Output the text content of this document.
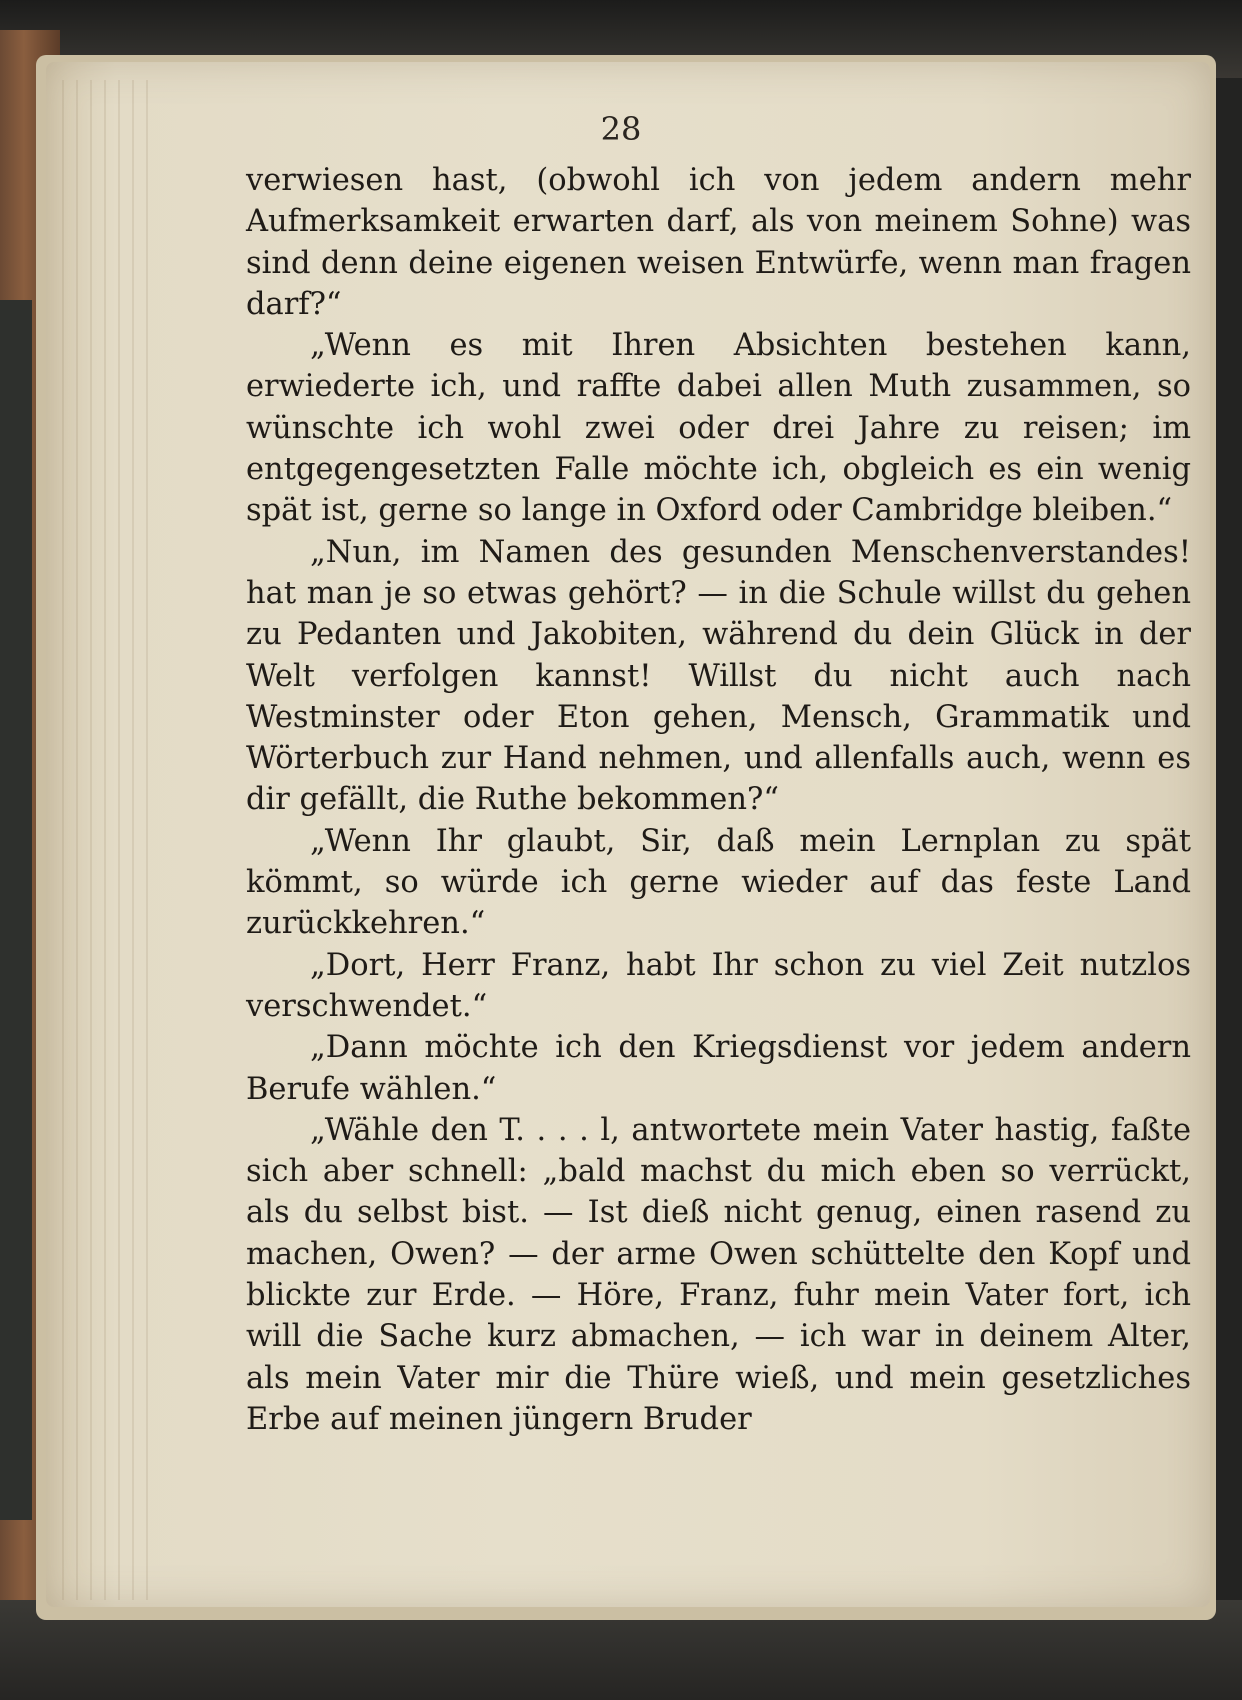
28

verwiesen hast, (obwohl ich von jedem andern mehr Aufmerksamkeit erwarten darf, als von meinem Sohne) was sind denn deine eigenen weisen Entwürfe, wenn man fragen darf?“

„Wenn es mit Ihren Absichten bestehen kann, erwiederte ich, und raffte dabei allen Muth zusammen, so wünschte ich wohl zwei oder drei Jahre zu reisen; im entgegengesetzten Falle möchte ich, obgleich es ein wenig spät ist, gerne so lange in Oxford oder Cambridge bleiben.“

„Nun, im Namen des gesunden Menschenverstandes! hat man je so etwas gehört? — in die Schule willst du gehen zu Pedanten und Jakobiten, während du dein Glück in der Welt verfolgen kannst! Willst du nicht auch nach Westminster oder Eton gehen, Mensch, Grammatik und Wörterbuch zur Hand nehmen, und allenfalls auch, wenn es dir gefällt, die Ruthe bekommen?“

„Wenn Ihr glaubt, Sir, daß mein Lernplan zu spät kömmt, so würde ich gerne wieder auf das feste Land zurückkehren.“

„Dort, Herr Franz, habt Ihr schon zu viel Zeit nutzlos verschwendet.“

„Dann möchte ich den Kriegsdienst vor jedem andern Berufe wählen.“

„Wähle den T. . . . l, antwortete mein Vater hastig, faßte sich aber schnell: „bald machst du mich eben so verrückt, als du selbst bist. — Ist dieß nicht genug, einen rasend zu machen, Owen? — der arme Owen schüttelte den Kopf und blickte zur Erde. — Höre, Franz, fuhr mein Vater fort, ich will die Sache kurz abmachen, — ich war in deinem Alter, als mein Vater mir die Thüre wieß, und mein gesetzliches Erbe auf meinen jüngern Bruder
